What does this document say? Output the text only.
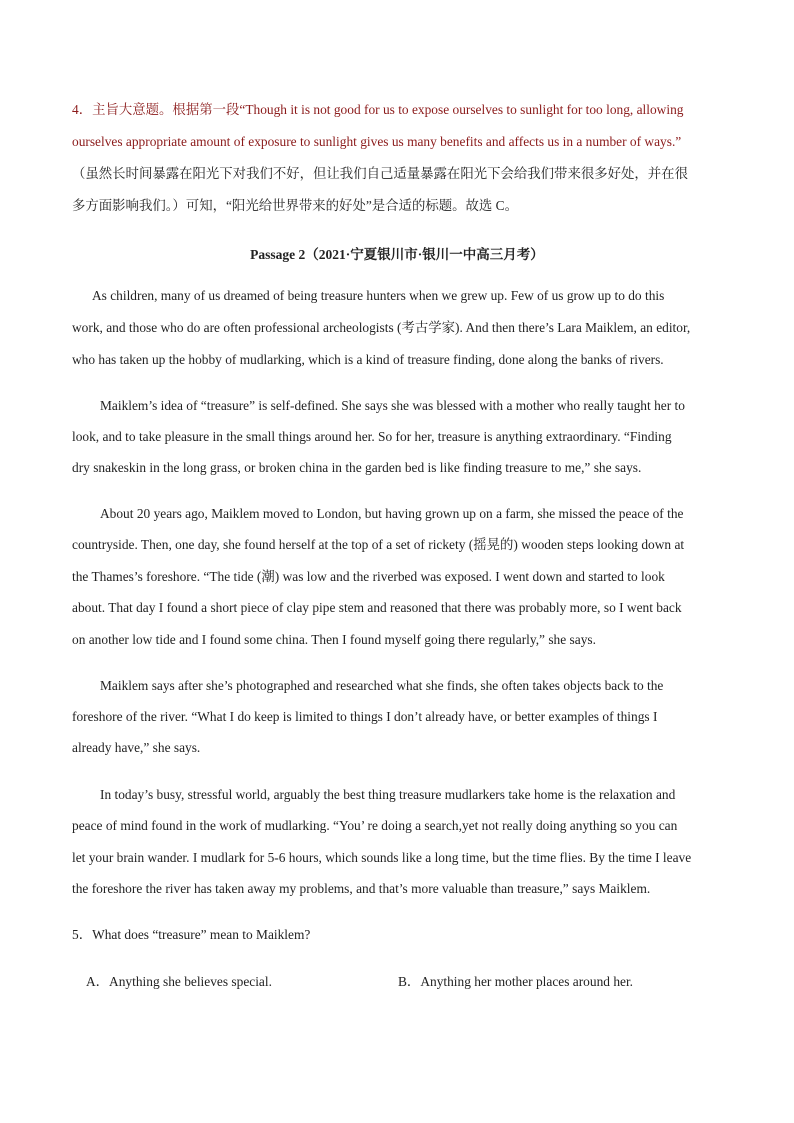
4．主旨大意题。根据第一段“Though it is not good for us to expose ourselves to sunlight for too long, allowing
ourselves appropriate amount of exposure to sunlight gives us many benefits and affects us in a number of ways.”
（虽然长时间暴露在阳光下对我们不好，但让我们自己适量暴露在阳光下会给我们带来很多好处，并在很
多方面影响我们。）可知，“阳光给世界带来的好处”是合适的标题。故选 C。
Passage 2（2021·宁夏银川市·银川一中高三月考）
As children, many of us dreamed of being treasure hunters when we grew up. Few of us grow up to do this
work, and those who do are often professional archeologists (考古学家). And then there’s Lara Maiklem, an editor,
who has taken up the hobby of mudlarking, which is a kind of treasure finding, done along the banks of rivers.
Maiklem’s idea of “treasure” is self-defined. She says she was blessed with a mother who really taught her to
look, and to take pleasure in the small things around her. So for her, treasure is anything extraordinary. “Finding
dry snakeskin in the long grass, or broken china in the garden bed is like finding treasure to me,” she says.
About 20 years ago, Maiklem moved to London, but having grown up on a farm, she missed the peace of the
countryside. Then, one day, she found herself at the top of a set of rickety (摇晃的) wooden steps looking down at
the Thames’s foreshore. “The tide (潮) was low and the riverbed was exposed. I went down and started to look
about. That day I found a short piece of clay pipe stem and reasoned that there was probably more, so I went back
on another low tide and I found some china. Then I found myself going there regularly,” she says.
Maiklem says after she’s photographed and researched what she finds, she often takes objects back to the
foreshore of the river. “What I do keep is limited to things I don’t already have, or better examples of things I
already have,” she says.
In today’s busy, stressful world, arguably the best thing treasure mudlarkers take home is the relaxation and
peace of mind found in the work of mudlarking. “You’ re doing a search,yet not really doing anything so you can
let your brain wander. I mudlark for 5-6 hours, which sounds like a long time, but the time flies. By the time I leave
the foreshore the river has taken away my problems, and that’s more valuable than treasure,” says Maiklem.
5．What does “treasure” mean to Maiklem?
A．Anything she believes special.	B．Anything her mother places around her.
